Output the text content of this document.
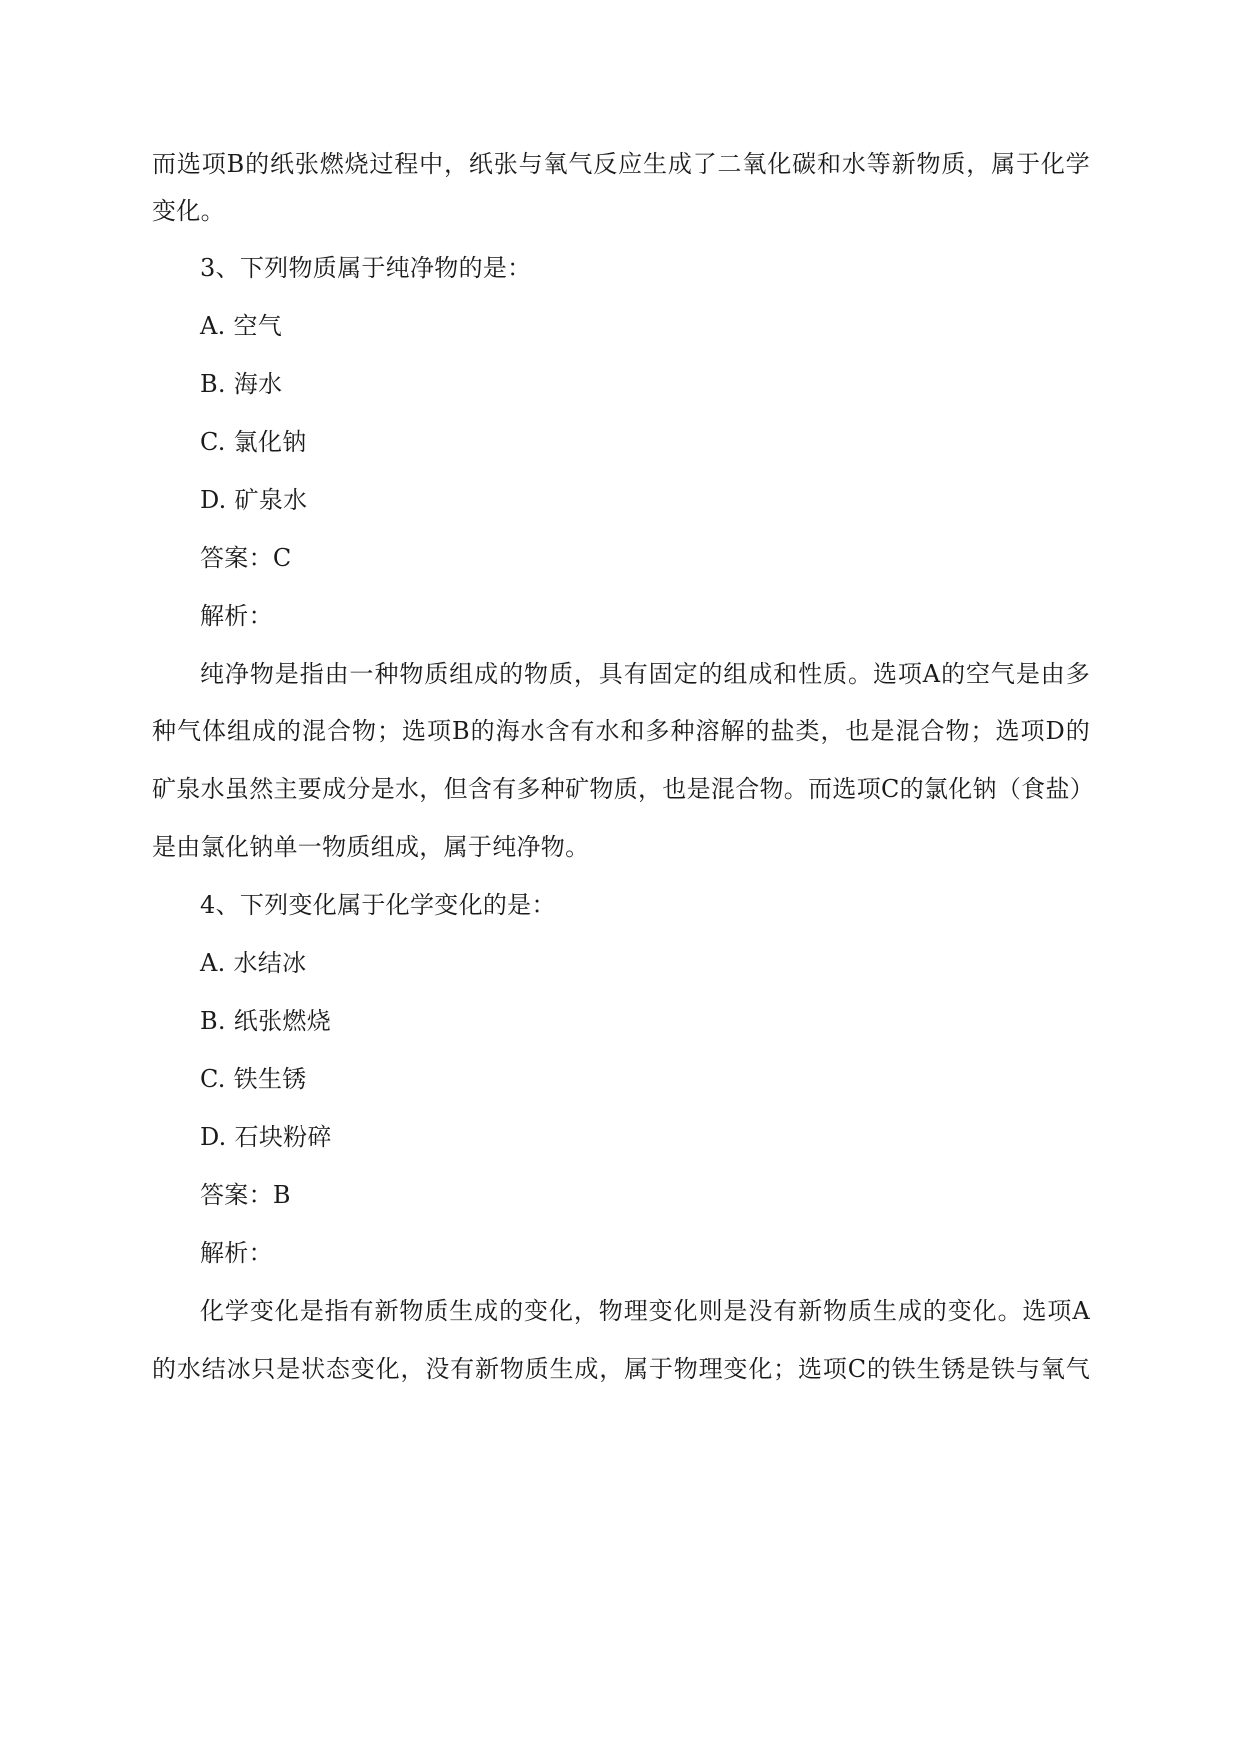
而选项B的纸张燃烧过程中，纸张与氧气反应生成了二氧化碳和水等新物质，属于化学
变化。
3、下列物质属于纯净物的是：
A. 空气
B. 海水
C. 氯化钠
D. 矿泉水
答案：C
解析：
纯净物是指由一种物质组成的物质，具有固定的组成和性质。选项A的空气是由多
种气体组成的混合物；选项B的海水含有水和多种溶解的盐类，也是混合物；选项D的
矿泉水虽然主要成分是水，但含有多种矿物质，也是混合物。而选项C的氯化钠（食盐）
是由氯化钠单一物质组成，属于纯净物。
4、下列变化属于化学变化的是：
A. 水结冰
B. 纸张燃烧
C. 铁生锈
D. 石块粉碎
答案：B
解析：
化学变化是指有新物质生成的变化，物理变化则是没有新物质生成的变化。选项A
的水结冰只是状态变化，没有新物质生成，属于物理变化；选项C的铁生锈是铁与氧气
